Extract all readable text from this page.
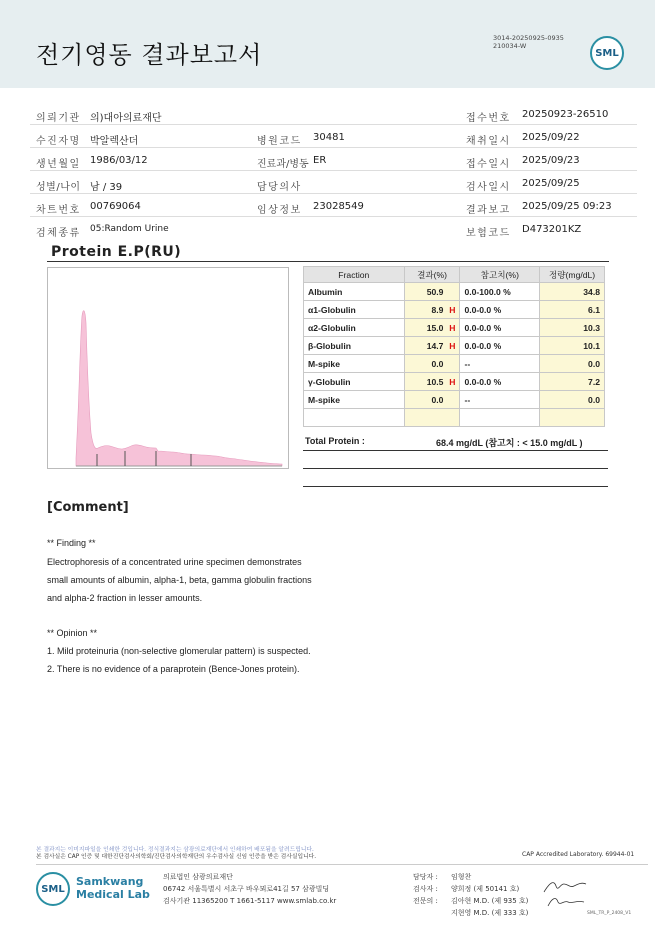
전기영동 결과보고서
3014-20250925-0935
210034-W
SML
의뢰기관 의)대아의료재단	접수번호 20250923-26510
수진자명 박알렉산더	병원코드 30481	채취일시 2025/09/22
생년월일 1986/03/12	진료과/병동 ER	접수일시 2025/09/23
성별/나이 남 / 39	담당의사	검사일시 2025/09/25
차트번호 00769064	임상정보 23028549	결과보고 2025/09/25 09:23
검체종류 05:Random Urine	보험코드 D473201KZ
Protein E.P(RU)
Fraction	결과(%)	참고치(%)	정량(mg/dL)
Albumin	50.9	0.0-100.0 %	34.8
α1-Globulin	8.9 H	0.0-0.0 %	6.1
α2-Globulin	15.0 H	0.0-0.0 %	10.3
β-Globulin	14.7 H	0.0-0.0 %	10.1
M-spike	0.0	--	0.0
γ-Globulin	10.5 H	0.0-0.0 %	7.2
M-spike	0.0	--	0.0

Total Protein :	68.4 mg/dL (참고치 : < 15.0 mg/dL )
[Comment]
** Finding **
Electrophoresis of a concentrated urine specimen demonstrates
small amounts of albumin, alpha-1, beta, gamma globulin fractions
and alpha-2 fraction in lesser amounts.
** Opinion **
1. Mild proteinuria (non-selective glomerular pattern) is suspected.
2. There is no evidence of a paraprotein (Bence-Jones protein).
본 결과지는 이미지파일을 인쇄한 것입니다. 정식결과지는 삼광의료재단에서 인쇄하여 배포됨을 알려드립니다.
본 검사실은 CAP 인증 및 대한진단검사의학회/진단검사의학재단의 우수검사실 신임 인증을 받은 검사실입니다.	CAP Accredited Laboratory. 69944-01
SML
Samkwang
Medical Lab
의료법인 삼광의료재단
06742 서울특별시 서초구 바우뫼로41길 57 삼광빌딩
검사기관 11365200 T 1661-5117 www.smlab.co.kr
담당자 : 임형찬
검사자 : 양희정 (제 50141 호)
전문의 : 김아현 M.D. (제 935 호)
지현영 M.D. (제 333 호)	SML_TR_P_2408_V1
